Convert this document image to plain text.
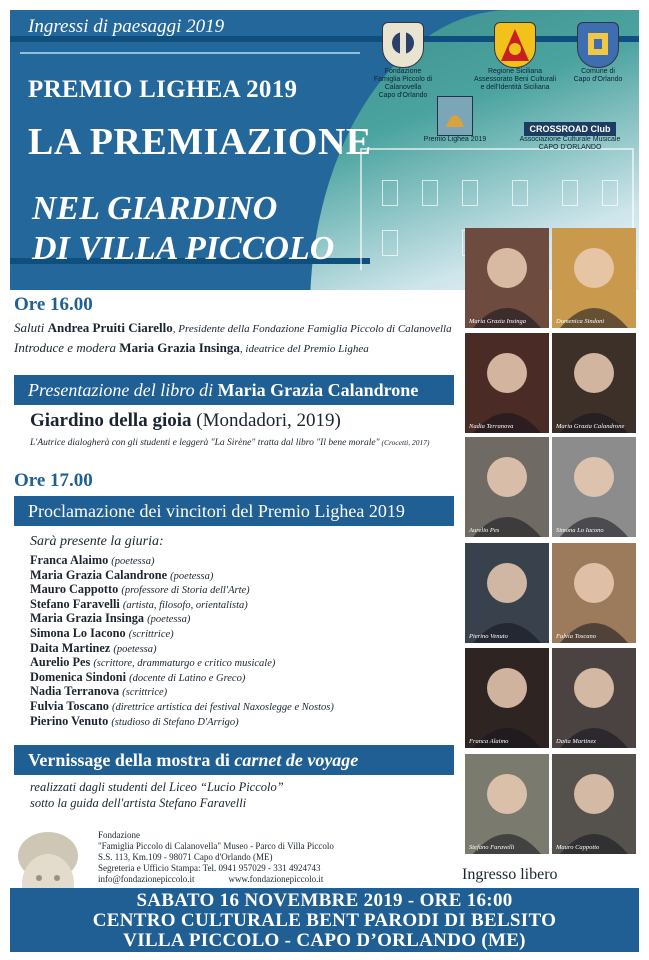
Ingressi di paesaggi 2019
PREMIO LIGHEA 2019
LA PREMIAZIONE
NEL GIARDINO
DI VILLA PICCOLO
Fondazione
Famiglia Piccolo di Calanovella
Capo d'Orlando
Regione Siciliana
Assessorato Beni Culturali
e dell'Identità Siciliana
Comune di
Capo d'Orlando
Premio Lighea 2019
CROSSROAD Club
Associazione Culturale Musicale
CAPO D'ORLANDO
Ore 16.00
Saluti Andrea Pruiti Ciarello, Presidente della Fondazione Famiglia Piccolo di Calanovella
Introduce e modera Maria Grazia Insinga, ideatrice del Premio Lighea
Presentazione del libro di Maria Grazia Calandrone
Giardino della gioia (Mondadori, 2019)
L'Autrice dialogherà con gli studenti e leggerà "La Sirène" tratta dal libro "Il bene morale" (Crocetti, 2017)
Ore 17.00
Proclamazione dei vincitori del Premio Lighea 2019
Sarà presente la giuria:
Franca Alaimo (poetessa)
Maria Grazia Calandrone (poetessa)
Mauro Cappotto (professore di Storia dell'Arte)
Stefano Faravelli (artista, filosofo, orientalista)
Maria Grazia Insinga (poetessa)
Simona Lo Iacono (scrittrice)
Daita Martinez (poetessa)
Aurelio Pes (scrittore, drammaturgo e critico musicale)
Domenica Sindoni (docente di Latino e Greco)
Nadia Terranova (scrittrice)
Fulvia Toscano (direttrice artistica dei festival Naxoslegge e Nostos)
Pierino Venuto (studioso di Stefano D'Arrigo)
Vernissage della mostra di carnet de voyage
realizzati dagli studenti del Liceo “Lucio Piccolo”
sotto la guida dell'artista Stefano Faravelli
Maria Grazia Insinga	Domenica Sindoni
Nadia Terranova	Maria Grazia Calandrone
Aurelio Pes	Simona Lo Iacono
Pierino Venuto	Fulvia Toscano
Franca Alaimo	Daita Martinez
Stefano Faravelli	Mauro Cappotto
Ingresso libero
Fondazione
"Famiglia Piccolo di Calanovella" Museo - Parco di Villa Piccolo
S.S. 113, Km.109 - 98071 Capo d'Orlando (ME)
Segreteria e Ufficio Stampa: Tel. 0941 957029 - 331 4924743
info@fondazionepiccolo.it	www.fondazionepiccolo.it
SABATO 16 NOVEMBRE 2019 - ORE 16:00
CENTRO CULTURALE BENT PARODI DI BELSITO
VILLA PICCOLO - CAPO D’ORLANDO (ME)
